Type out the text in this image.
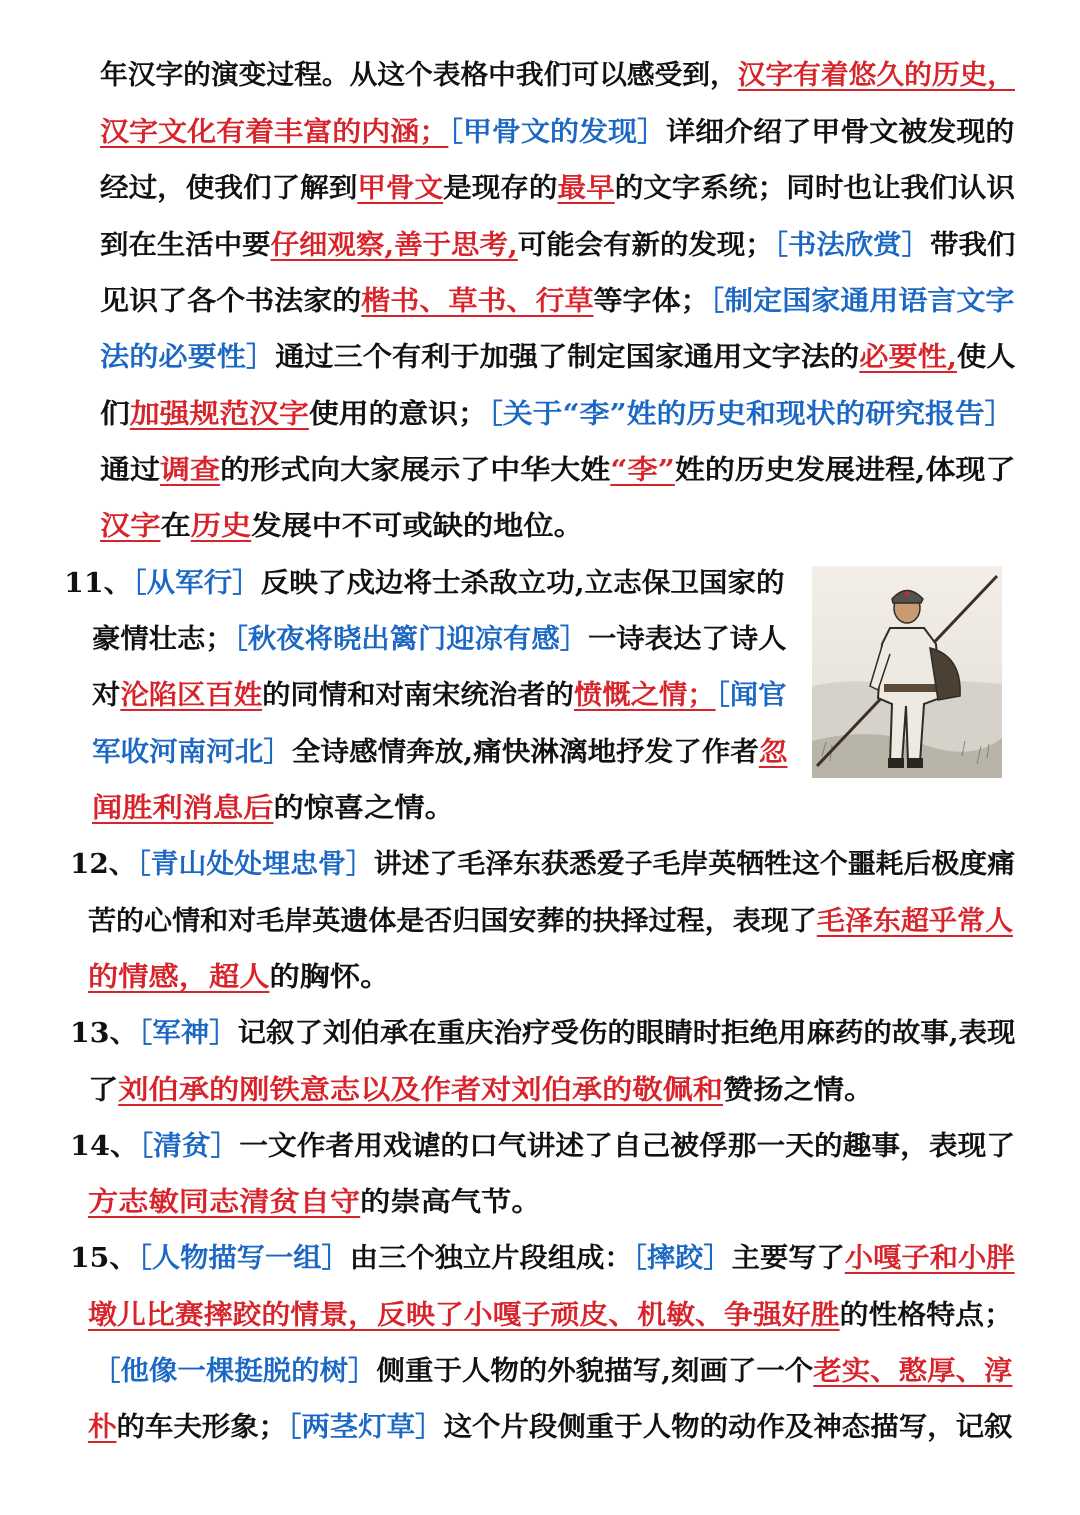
年汉字的演变过程。从这个表格中我们可以感受到，汉字有着悠久的历史，
汉字文化有着丰富的内涵；［甲骨文的发现］详细介绍了甲骨文被发现的
经过，使我们了解到甲骨文是现存的最早的文字系统；同时也让我们认识
到在生活中要仔细观察,善于思考,可能会有新的发现；［书法欣赏］带我们
见识了各个书法家的楷书、草书、行草等字体；［制定国家通用语言文字
法的必要性］通过三个有利于加强了制定国家通用文字法的必要性,使人
们加强规范汉字使用的意识；［关于“李”姓的历史和现状的研究报告］
通过调查的形式向大家展示了中华大姓“李”姓的历史发展进程,体现了
汉字在历史发展中不可或缺的地位。
11、［从军行］反映了戍边将士杀敌立功,立志保卫国家的
豪情壮志；［秋夜将晓出篱门迎凉有感］一诗表达了诗人
对沦陷区百姓的同情和对南宋统治者的愤慨之情；［闻官
军收河南河北］全诗感情奔放,痛快淋漓地抒发了作者忽
闻胜利消息后的惊喜之情。
12、［青山处处埋忠骨］讲述了毛泽东获悉爱子毛岸英牺牲这个噩耗后极度痛
苦的心情和对毛岸英遗体是否归国安葬的抉择过程，表现了毛泽东超乎常人
的情感，超人的胸怀。
13、［军神］记叙了刘伯承在重庆治疗受伤的眼睛时拒绝用麻药的故事,表现
了刘伯承的刚铁意志以及作者对刘伯承的敬佩和赞扬之情。
14、［清贫］一文作者用戏谑的口气讲述了自己被俘那一天的趣事，表现了
方志敏同志清贫自守的崇高气节。
15、［人物描写一组］由三个独立片段组成：［摔跤］主要写了小嘎子和小胖
墩儿比赛摔跤的情景，反映了小嘎子顽皮、机敏、争强好胜的性格特点；
［他像一棵挺脱的树］侧重于人物的外貌描写,刻画了一个老实、憨厚、淳
朴的车夫形象；［两茎灯草］这个片段侧重于人物的动作及神态描写，记叙
